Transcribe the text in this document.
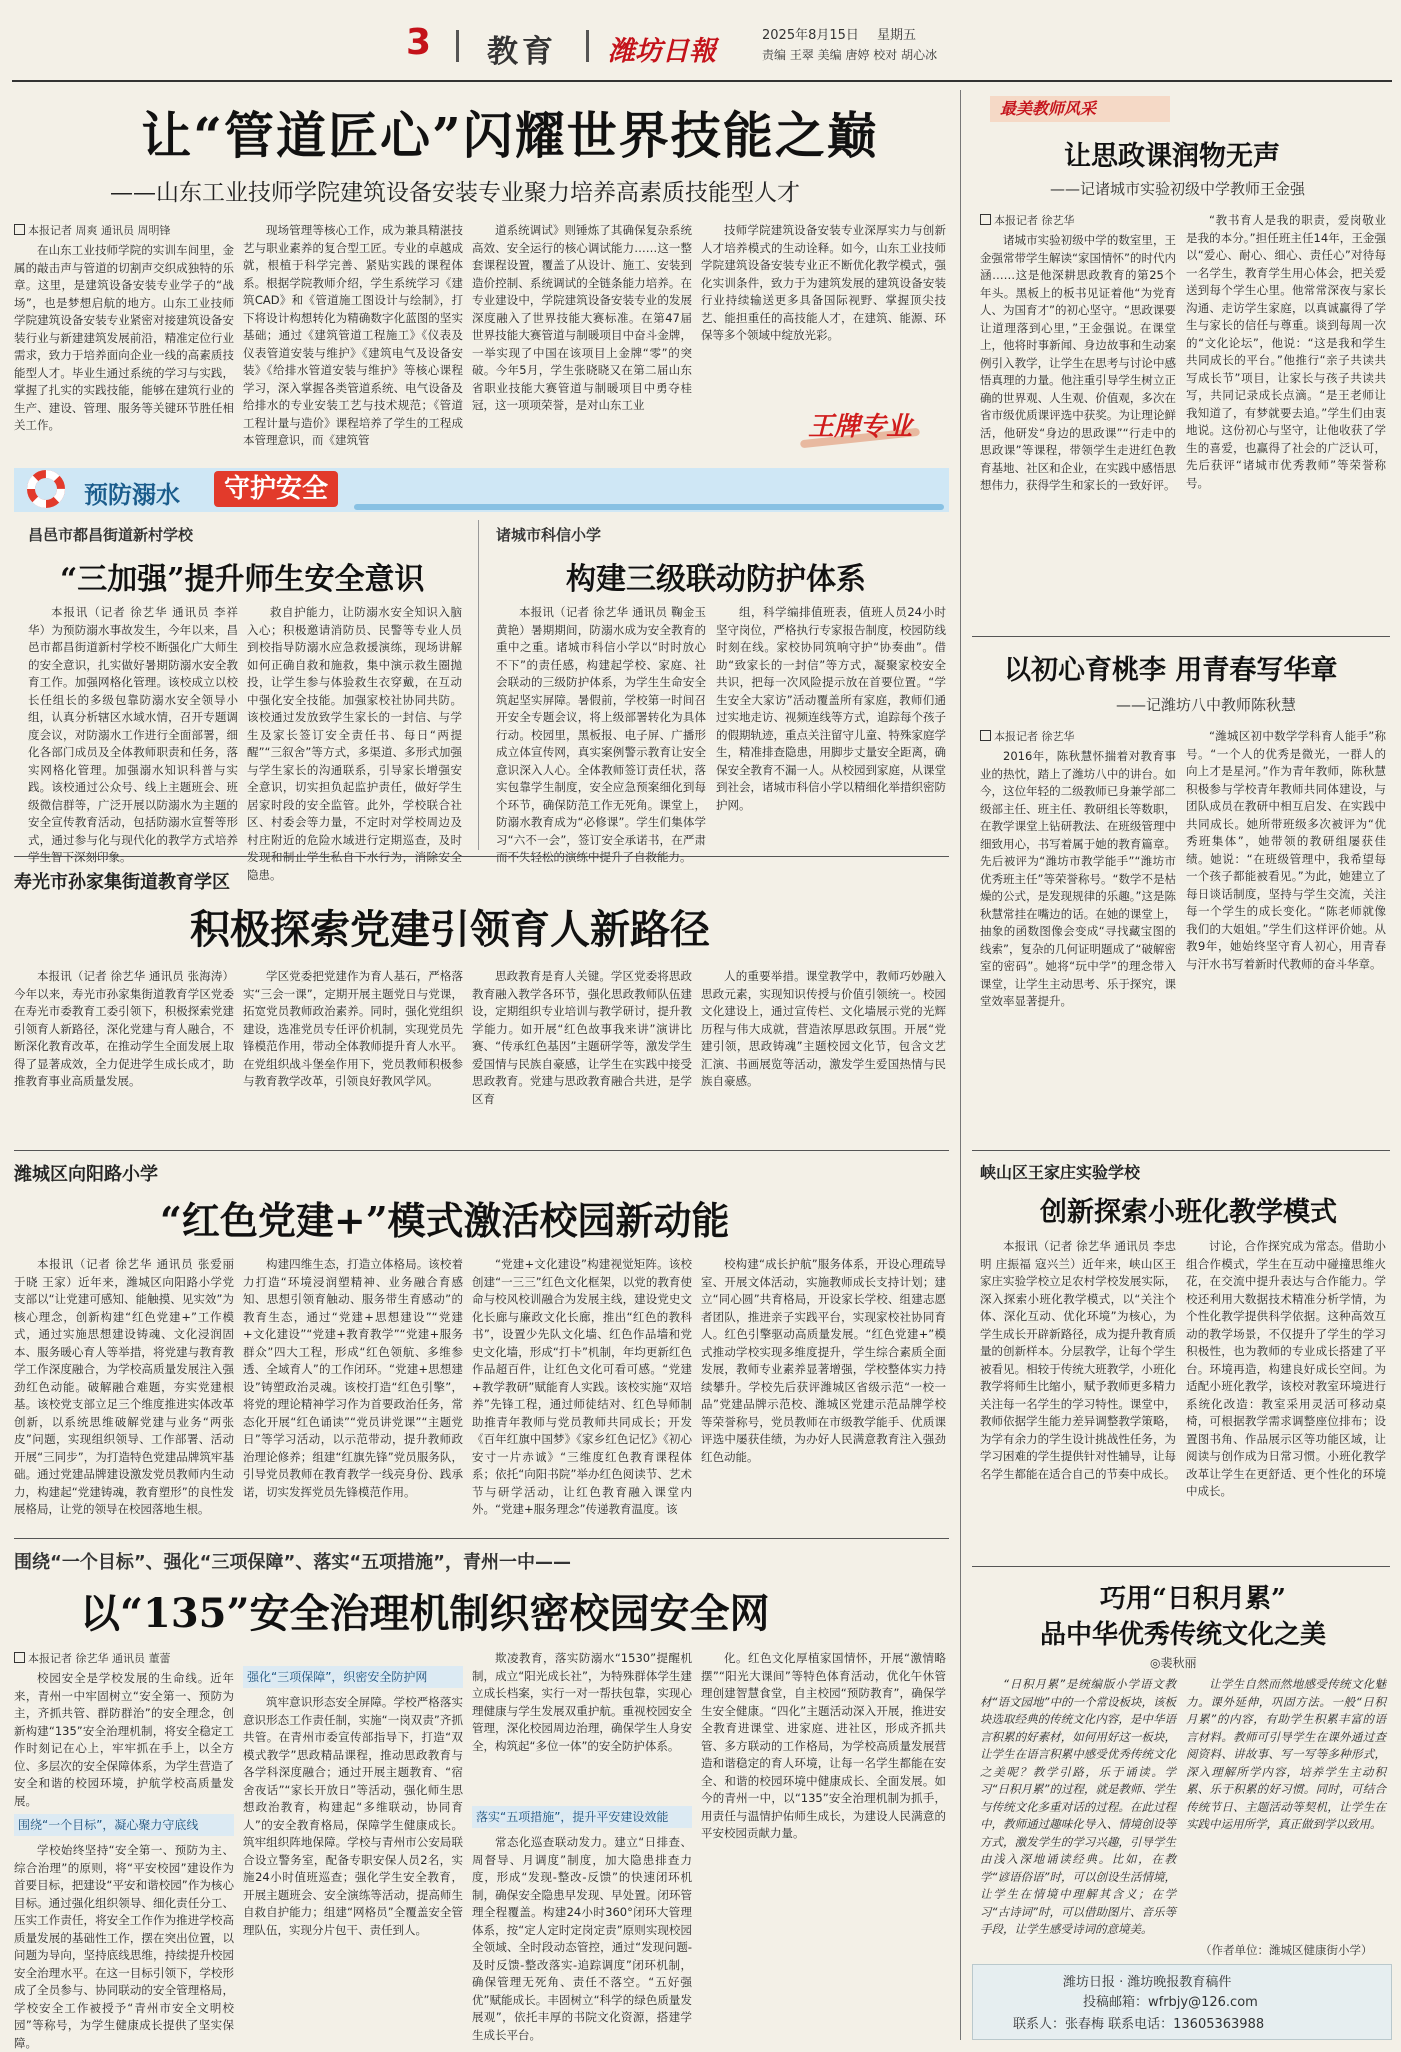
3 教育 潍坊日報
2025年8月15日 星期五
责编 王翠 美编 唐婷 校对 胡心冰
让“管道匠心”闪耀世界技能之巅
——山东工业技师学院建筑设备安装专业聚力培养高素质技能型人才
本报记者 周爽 通讯员 周明锋

在山东工业技师学院的实训车间里，金属的敲击声与管道的切割声交织成独特的乐章。这里，是建筑设备安装专业学子的“战场”，也是梦想启航的地方。山东工业技师学院建筑设备安装专业紧密对接建筑设备安装行业与新建建筑发展前沿，精准定位行业需求，致力于培养面向企业一线的高素质技能型人才。毕业生通过系统的学习与实践，掌握了扎实的实践技能，能够在建筑行业的生产、建设、管理、服务等关键环节胜任相关工作。

现场管理等核心工作，成为兼具精湛技艺与职业素养的复合型工匠。专业的卓越成就，根植于科学完善、紧贴实践的课程体系。根据学院教师介绍，学生系统学习《建筑CAD》和《管道施工图设计与绘制》，打下将设计构想转化为精确数字化蓝图的坚实基础；通过《建筑管道工程施工》《仪表及仪表管道安装与维护》《建筑电气及设备安装》《给排水管道安装与维护》等核心课程学习，深入掌握各类管道系统、电气设备及给排水的专业安装工艺与技术规范；《管道工程计量与造价》课程培养了学生的工程成本管理意识，而《建筑管

道系统调试》则锤炼了其确保复杂系统高效、安全运行的核心调试能力……这一整套课程设置，覆盖了从设计、施工、安装到造价控制、系统调试的全链条能力培养。在专业建设中，学院建筑设备安装专业的发展深度融入了世界技能大赛标准。在第47届世界技能大赛管道与制暖项目中奋斗金牌，一举实现了中国在该项目上金牌“零”的突破。今年5月，学生张晓晓又在第二届山东省职业技能大赛管道与制暖项目中勇夺桂冠，这一项项荣誉，是对山东工业

技师学院建筑设备安装专业深厚实力与创新人才培养模式的生动诠释。如今，山东工业技师学院建筑设备安装专业正不断优化教学模式，强化实训条件，致力于为建筑发展的建筑设备安装行业持续输送更多具备国际视野、掌握顶尖技艺、能担重任的高技能人才，在建筑、能源、环保等多个领域中绽放光彩。

王牌专业
预防溺水	守护安全
昌邑市都昌街道新村学校
“三加强”提升师生安全意识

本报讯（记者 徐艺华 通讯员 李祥华）为预防溺水事故发生，今年以来，昌邑市都昌街道新村学校不断强化广大师生的安全意识，扎实做好暑期防溺水安全教育工作。加强网格化管理。该校成立以校长任组长的多级包靠防溺水安全领导小组，认真分析辖区水域水情，召开专题调度会议，对防溺水工作进行全面部署，细化各部门成员及全体教师职责和任务，落实网格化管理。加强溺水知识科普与实践。该校通过公众号、线上主题班会、班级微信群等，广泛开展以防溺水为主题的安全宣传教育活动，包括防溺水宣誓等形式，通过参与化与现代化的教学方式培养学生智下深刻印象。

救自护能力，让防溺水安全知识入脑入心；积极邀请消防员、民警等专业人员到校指导防溺水应急救援演练，现场讲解如何正确自救和施救，集中演示救生圈抛投，让学生参与体验救生衣穿戴，在互动中强化安全技能。加强家校社协同共防。该校通过发放致学生家长的一封信、与学生及家长签订安全责任书、每日“两提醒”“三叙舍”等方式，多渠道、多形式加强与学生家长的沟通联系，引导家长增强安全意识，切实担负起监护责任，做好学生居家时段的安全监管。此外，学校联合社区、村委会等力量，不定时对学校周边及村庄附近的危险水域进行定期巡查，及时发现和制止学生私自下水行为，消除安全隐患。

诸城市科信小学
构建三级联动防护体系

本报讯（记者 徐艺华 通讯员 鞠金玉 黄艳）暑期期间，防溺水成为安全教育的重中之重。诸城市科信小学以“时时放心不下”的责任感，构建起学校、家庭、社会联动的三级防护体系，为学生生命安全筑起坚实屏障。暑假前，学校第一时间召开安全专题会议，将上级部署转化为具体行动。校园里，黑板报、电子屏、广播形成立体宣传网，真实案例警示教育让安全意识深入人心。全体教师签订责任状，落实包靠学生制度，安全应急预案细化到每个环节，确保防范工作无死角。课堂上，防溺水教育成为“必修课”。学生们集体学习“六不一会”，签订安全承诺书，在严肃而不失轻松的演练中提升了自救能力。

组，科学编排值班表，值班人员24小时坚守岗位，严格执行专家报告制度，校园防线时刻在线。家校协同筑响守护“协奏曲”。借助“致家长的一封信”等方式，凝聚家校安全共识，把每一次风险提示放在首要位置。“学生安全大家访”活动覆盖所有家庭，教师们通过实地走访、视频连线等方式，追踪每个孩子的假期轨迹，重点关注留守儿童、特殊家庭学生，精准排查隐患，用脚步丈量安全距离，确保安全教育不漏一人。从校园到家庭，从课堂到社会，诸城市科信小学以精细化举措织密防护网。

寿光市孙家集街道教育学区
积极探索党建引领育人新路径

本报讯（记者 徐艺华 通讯员 张海涛）今年以来，寿光市孙家集街道教育学区党委在寿光市委教育工委引领下，积极探索党建引领育人新路径，深化党建与育人融合，不断深化教育改革，在推动学生全面发展上取得了显著成效，全力促进学生成长成才，助推教育事业高质量发展。

学区党委把党建作为育人基石，严格落实“三会一课”，定期开展主题党日与党课，拓宽党员教师政治素养。同时，强化党组织建设，选准党员专任评价机制，实现党员先锋模范作用，带动全体教师提升育人水平。在党组织战斗堡垒作用下，党员教师积极参与教育教学改革，引领良好教风学风。

思政教育是育人关键。学区党委将思政教育融入教学各环节，强化思政教师队伍建设，定期组织专业培训与教学研讨，提升教学能力。如开展“红色故事我来讲”演讲比赛、“传承红色基因”主题研学等，激发学生爱国情与民族自豪感，让学生在实践中接受思政教育。党建与思政教育融合共进，是学区育

人的重要举措。课堂教学中，教师巧妙融入思政元素，实现知识传授与价值引领统一。校园文化建设上，通过宣传栏、文化墙展示党的光辉历程与伟大成就，营造浓厚思政氛围。开展“党建引领，思政铸魂”主题校园文化节，包含文艺汇演、书画展览等活动，激发学生爱国热情与民族自豪感。

潍城区向阳路小学
“红色党建+”模式激活校园新动能

本报讯（记者 徐艺华 通讯员 张爱丽 于晓 王家）近年来，潍城区向阳路小学党支部以“让党建可感知、能触摸、见实效”为核心理念，创新构建“红色党建+”工作模式，通过实施思想建设铸魂、文化浸润固本、服务暖心育人等举措，将党建与教育教学工作深度融合，为学校高质量发展注入强劲红色动能。破解融合难题，夯实党建根基。该校党支部立足三个维度推进实体改革创新，以系统思维破解党建与业务“两张皮”问题，实现组织领导、工作部署、活动开展“三同步”，为打造特色党建品牌筑牢基础。通过党建品牌建设激发党员教师内生动力，构建起“党建铸魂，教育塑形”的良性发展格局，让党的领导在校园落地生根。

构建四维生态，打造立体格局。该校着力打造“环境浸润塑精神、业务融合育感知、思想引领育触动、服务带生育感动”的教育生态，通过“党建+思想建设”“党建+文化建设”“党建+教育教学”“党建+服务群众”四大工程，形成“红色领航、多维参透、全域育人”的工作闭环。“党建+思想建设”铸塑政治灵魂。该校打造“红色引擎”，将党的理论精神学习作为首要政治任务，常态化开展“红色诵读”“党员讲党课”“主题党日”等学习活动，以示范带动，提升教师政治理论修养；组建“红旗先锋”党员服务队，引导党员教师在教育教学一线亮身份、践承诺，切实发挥党员先锋模范作用。

“党建+文化建设”构建视觉矩阵。该校创建“一三三”红色文化框架，以党的教育使命与校风校训融合为发展主线，建设党史文化长廊与廉政文化长廊，推出“红色的教科书”，设置少先队文化墙、红色作品墙和党史文化墙，形成“打卡”机制，年均更新红色作品超百件，让红色文化可看可感。“党建+教学教研”赋能育人实践。该校实施“双培养”先锋工程，通过师徒结对、红色导师制助推青年教师与党员教师共同成长；开发《百年红旗中国梦》《家乡红色记忆》《初心安寸一片赤诚》“三维度红色教育课程体系；依托“向阳书院”举办红色阅读节、艺术节与研学活动，让红色教育融入课堂内外。“党建+服务理念”传递教育温度。该

校构建“成长护航”服务体系，开设心理疏导室、开展文体活动，实施教师成长支持计划；建立“同心圆”共育格局，开设家长学校、组建志愿者团队，推进亲子实践平台，实现家校社协同育人。红色引擎驱动高质量发展。“红色党建+”模式推动学校实现多维度提升，学生综合素质全面发展，教师专业素养显著增强，学校整体实力持续攀升。学校先后获评潍城区省级示范“一校一品”党建品牌示范校、潍城区党建示范品牌学校等荣誉称号，党员教师在市级教学能手、优质课评选中屡获佳绩，为办好人民满意教育注入强劲红色动能。

围绕“一个目标”、强化“三项保障”、落实“五项措施”，青州一中——
以“135”安全治理机制织密校园安全网
本报记者 徐艺华 通讯员 董蕾

校园安全是学校发展的生命线。近年来，青州一中牢固树立“安全第一、预防为主，齐抓共管、群防群治”的安全理念，创新构建“135”安全治理机制，将安全稳定工作时刻记在心上，牢牢抓在手上，以全方位、多层次的安全保障体系，为学生营造了安全和谐的校园环境，护航学校高质量发展。

围绕“一个目标”，凝心聚力守底线

学校始终坚持“安全第一、预防为主、综合治理”的原则，将“平安校园”建设作为首要目标，把建设“平安和谐校园”作为核心目标。通过强化组织领导、细化责任分工、压实工作责任，将安全工作作为推进学校高质量发展的基础性工作，摆在突出位置，以问题为导向，坚持底线思维，持续提升校园安全治理水平。在这一目标引领下，学校形成了全员参与、协同联动的安全管理格局，学校安全工作被授予“青州市安全文明校园”等称号，为学生健康成长提供了坚实保障。

强化“三项保障”，织密安全防护网

筑牢意识形态安全屏障。学校严格落实意识形态工作责任制，实施“一岗双责”齐抓共管。在青州市委宣传部指导下，打造“双模式教学”思政精品课程，推动思政教育与各学科深度融合；通过开展主题教育、“宿舍夜话”“家长开放日”等活动，强化师生思想政治教育，构建起“多维联动，协同育人”的安全教育格局，保障学生健康成长。筑牢组织阵地保障。学校与青州市公安局联合设立警务室，配备专职安保人员2名，实施24小时值班巡查；强化学生安全教育，开展主题班会、安全演练等活动，提高师生自救自护能力；组建“网格员”全覆盖安全管理队伍，实现分片包干、责任到人。

欺凌教育，落实防溺水“1530”提醒机制，成立“阳光成长社”，为特殊群体学生建立成长档案，实行一对一帮扶包靠，实现心理健康与学生发展双重护航。重视校园安全管理，深化校园周边治理，确保学生人身安全，构筑起“多位一体”的安全防护体系。

落实“五项措施”，提升平安建设效能

常态化巡查联动发力。建立“日排查、周督导、月调度”制度，加大隐患排查力度，形成“发现-整改-反馈”的快速闭环机制，确保安全隐患早发现、早处置。闭环管理全程覆盖。构建24小时360°闭环大管理体系，按“定人定时定岗定责”原则实现校园全领域、全时段动态管控，通过“发现问题-及时反馈-整改落实-追踪调度”闭环机制，确保管理无死角、责任不落空。“五好强优”赋能成长。丰固树立“科学的绿色质量发展观”，依托丰厚的书院文化资源，搭建学生成长平台。

化。红色文化厚植家国情怀，开展“激情略摆”“阳光大课间”等特色体育活动，优化午休管理创建智慧食堂，自主校园“预防教育”，确保学生安全健康。“四化”主题活动深入开展，推进安全教育进课堂、进家庭、进社区，形成齐抓共管、多方联动的工作格局，为学校高质量发展营造和谐稳定的育人环境，让每一名学生都能在安全、和谐的校园环境中健康成长、全面发展。如今的青州一中，以“135”安全治理机制为抓手，用责任与温情护佑师生成长，为建设人民满意的平安校园贡献力量。

最美教师风采
让思政课润物无声
——记诸城市实验初级中学教师王金强
本报记者 徐艺华

诸城市实验初级中学的数室里，王金强常带学生解读“家国情怀”的时代内涵……这是他深耕思政教育的第25个年头。黑板上的板书见证着他“为党育人、为国育才”的初心坚守。“思政课要让道理落到心里，”王金强说。在课堂上，他将时事新闻、身边故事和生动案例引入教学，让学生在思考与讨论中感悟真理的力量。他注重引导学生树立正确的世界观、人生观、价值观，多次在省市级优质课评选中获奖。为让理论鲜活，他研发“身边的思政课”“行走中的思政课”等课程，带领学生走进红色教育基地、社区和企业，在实践中感悟思想伟力，获得学生和家长的一致好评。

“教书育人是我的职责，爱岗敬业是我的本分。”担任班主任14年，王金强以“爱心、耐心、细心、责任心”对待每一名学生，教育学生用心体会，把关爱送到每个学生心里。他常常深夜与家长沟通、走访学生家庭，以真诚赢得了学生与家长的信任与尊重。谈到每周一次的“文化论坛”，他说：“这是我和学生共同成长的平台。”他推行“亲子共读共写成长节”项目，让家长与孩子共读共写，共同记录成长点滴。“是王老师让我知道了，有梦就要去追。”学生们由衷地说。这份初心与坚守，让他收获了学生的喜爱，也赢得了社会的广泛认可，先后获评“诸城市优秀教师”等荣誉称号。

以初心育桃李 用青春写华章
——记潍坊八中教师陈秋慧
本报记者 徐艺华

2016年，陈秋慧怀揣着对教育事业的热忱，踏上了潍坊八中的讲台。如今，这位年轻的二级教师已身兼学部二级部主任、班主任、教研组长等数职，在教学课堂上钻研教法、在班级管理中细致用心，书写着属于她的教育篇章。先后被评为“潍坊市教学能手”“潍坊市优秀班主任”等荣誉称号。“数学不是枯燥的公式，是发现规律的乐趣。”这是陈秋慧常挂在嘴边的话。在她的课堂上，抽象的函数图像会变成“寻找藏宝图的线索”，复杂的几何证明题成了“破解密室的密码”。她将“玩中学”的理念带入课堂，让学生主动思考、乐于探究，课堂效率显著提升。

“潍城区初中数学学科育人能手”称号。“一个人的优秀是微光，一群人的向上才是星河。”作为青年教师，陈秋慧积极参与学校青年教师共同体建设，与团队成员在教研中相互启发、在实践中共同成长。她所带班级多次被评为“优秀班集体”，她带领的教研组屡获佳绩。她说：“在班级管理中，我希望每一个孩子都能被看见。”为此，她建立了每日谈话制度，坚持与学生交流，关注每一个学生的成长变化。“陈老师就像我们的大姐姐。”学生们这样评价她。从教9年，她始终坚守育人初心，用青春与汗水书写着新时代教师的奋斗华章。

峡山区王家庄实验学校
创新探索小班化教学模式

本报讯（记者 徐艺华 通讯员 李忠明 庄振福 寇兴兰）近年来，峡山区王家庄实验学校立足农村学校发展实际，深入探索小班化教学模式，以“关注个体、深化互动、优化环境”为核心，为学生成长开辟新路径，成为提升教育质量的创新样本。分层教学，让每个学生被看见。相较于传统大班教学，小班化教学将师生比缩小，赋予教师更多精力关注每一名学生的学习特性。课堂中，教师依据学生能力差异调整教学策略，为学有余力的学生设计挑战性任务，为学习困难的学生提供针对性辅导，让每名学生都能在适合自己的节奏中成长。

讨论，合作探究成为常态。借助小组合作模式，学生在互动中碰撞思维火花，在交流中提升表达与合作能力。学校还利用大数据技术精准分析学情，为个性化教学提供科学依据。这种高效互动的教学场景，不仅提升了学生的学习积极性，也为教师的专业成长搭建了平台。环境再造，构建良好成长空间。为适配小班化教学，该校对教室环境进行系统化改造：教室采用灵活可移动桌椅，可根据教学需求调整座位排布；设置图书角、作品展示区等功能区域，让阅读与创作成为日常习惯。小班化教学改革让学生在更舒适、更个性化的环境中成长。

巧用“日积月累”
品中华优秀传统文化之美
◎裴秋丽

“日积月累”是统编版小学语文教材“语文园地”中的一个常设板块，该板块选取经典的传统文化内容，是中华语言积累的好素材，如何用好这一板块，让学生在语言积累中感受优秀传统文化之美呢？教学引路，乐于诵读。学习“日积月累”的过程，就是教师、学生与传统文化多重对话的过程。在此过程中，教师通过趣味化导入、情境创设等方式，激发学生的学习兴趣，引导学生由浅入深地诵读经典。比如，在教学“谚语俗语”时，可以创设生活情境，让学生在情境中理解其含义；在学习“古诗词”时，可以借助图片、音乐等手段，让学生感受诗词的意境美。

让学生自然而然地感受传统文化魅力。课外延伸，巩固方法。一般“日积月累”的内容，有助学生积累丰富的语言材料。教师可引导学生在课外通过查阅资料、讲故事、写一写等多种形式，深入理解所学内容，培养学生主动积累、乐于积累的好习惯。同时，可结合传统节日、主题活动等契机，让学生在实践中运用所学，真正做到学以致用。

（作者单位：潍城区健康街小学）
潍坊日报 · 潍坊晚报教育稿件
投稿邮箱：wfrbjy@126.com
联系人：张春梅 联系电话：13605363988
